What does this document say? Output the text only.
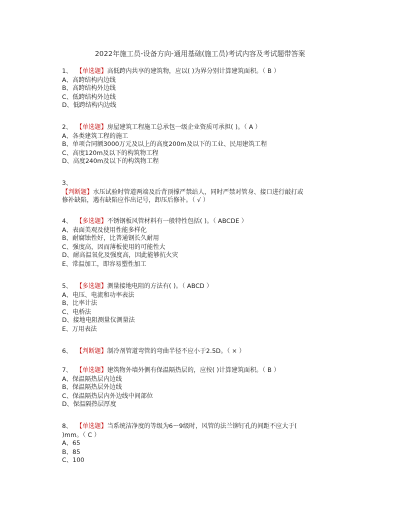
2022年施工员-设备方向-通用基础(施工员)考试内容及考试题带答案
1、 【单选题】高低跨内共享的建筑物，应以( )为界分别计算建筑面积。（ B ）
A、高跨结构内边线
B、高跨结构外边线
C、低跨结构外边线
D、低跨结构内边线
2、 【单选题】房屋建筑工程施工总承包一级企业资质可承担( )。（ A ）
A、各类建筑工程的施工
B、单项合同额3000万元及以上的高度200m及以下的工业、民用建筑工程
C、高度120m及以下的构筑物工程
D、高度240m及以下的构筑物工程
3、
【判断题】水压试验时管道两端及后背顶撑严禁站人，同时严禁对管身、接口进行敲打或
修补缺陷，遇有缺陷应作出记号，卸压后修补。（ √ ）
4、 【多选题】不锈钢板风管材料有一般特性包括( )。（ ABCDE ）
A、表面美观及使用性能多样化
B、耐腐蚀性好，比普通钢长久耐用
C、强度高，因而薄板使用的可能性大
D、耐高温氧化及强度高，因此能够抗火灾
E、常温加工，即容易塑性加工
5、 【多选题】测量接地电阻的方法有( )。（ ABCD ）
A、电压、电流和功率表法
B、比率计法
C、电桥法
D、接地电阻测量仪测量法
E、万用表法
6、 【判断题】制冷剂管道弯管的弯曲半径不应小于2.5D。（ × ）
7、 【单选题】建筑物外墙外侧有保温隔热层的，应按( )计算建筑面积。（ B ）
A、保温隔热层内边线
B、保温隔热层外边线
C、保温隔热层内外边线中间部位
D、保温隔热层厚度
8、 【单选题】当系统洁净度的等级为6～9级时，风管的法兰铆钉孔的间距不应大于(
)mm。（ C ）
A、65
B、85
C、100
